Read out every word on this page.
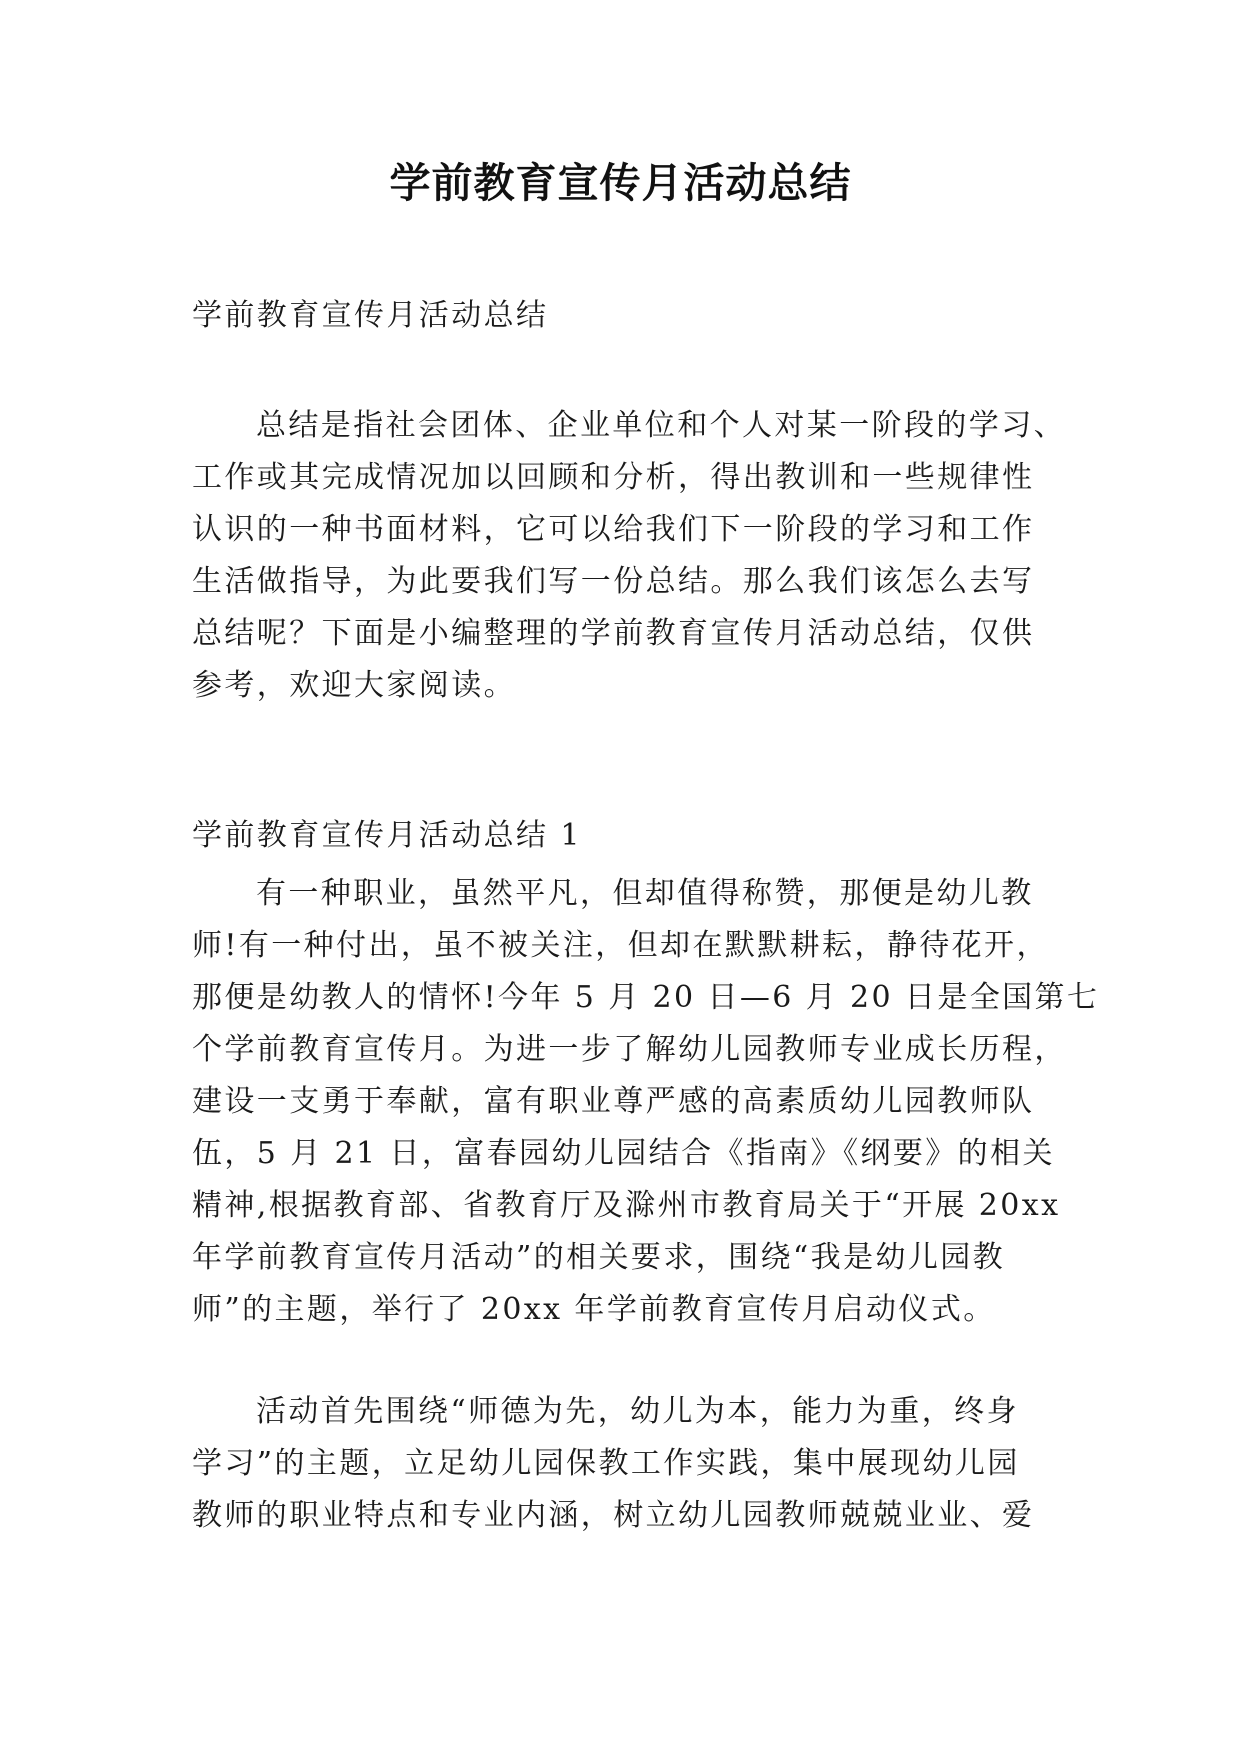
学前教育宣传月活动总结

学前教育宣传月活动总结

总结是指社会团体、企业单位和个人对某一阶段的学习、
工作或其完成情况加以回顾和分析，得出教训和一些规律性
认识的一种书面材料，它可以给我们下一阶段的学习和工作
生活做指导，为此要我们写一份总结。那么我们该怎么去写
总结呢？下面是小编整理的学前教育宣传月活动总结，仅供
参考，欢迎大家阅读。

学前教育宣传月活动总结 1

有一种职业，虽然平凡，但却值得称赞，那便是幼儿教
师!有一种付出，虽不被关注，但却在默默耕耘，静待花开，
那便是幼教人的情怀!今年 5 月 20 日—6 月 20 日是全国第七
个学前教育宣传月。为进一步了解幼儿园教师专业成长历程，
建设一支勇于奉献，富有职业尊严感的高素质幼儿园教师队
伍，5 月 21 日，富春园幼儿园结合《指南》《纲要》的相关
精神,根据教育部、省教育厅及滁州市教育局关于“开展 20xx
年学前教育宣传月活动”的相关要求，围绕“我是幼儿园教
师”的主题，举行了 20xx 年学前教育宣传月启动仪式。

活动首先围绕“师德为先，幼儿为本，能力为重，终身
学习”的主题，立足幼儿园保教工作实践，集中展现幼儿园
教师的职业特点和专业内涵，树立幼儿园教师兢兢业业、爱
